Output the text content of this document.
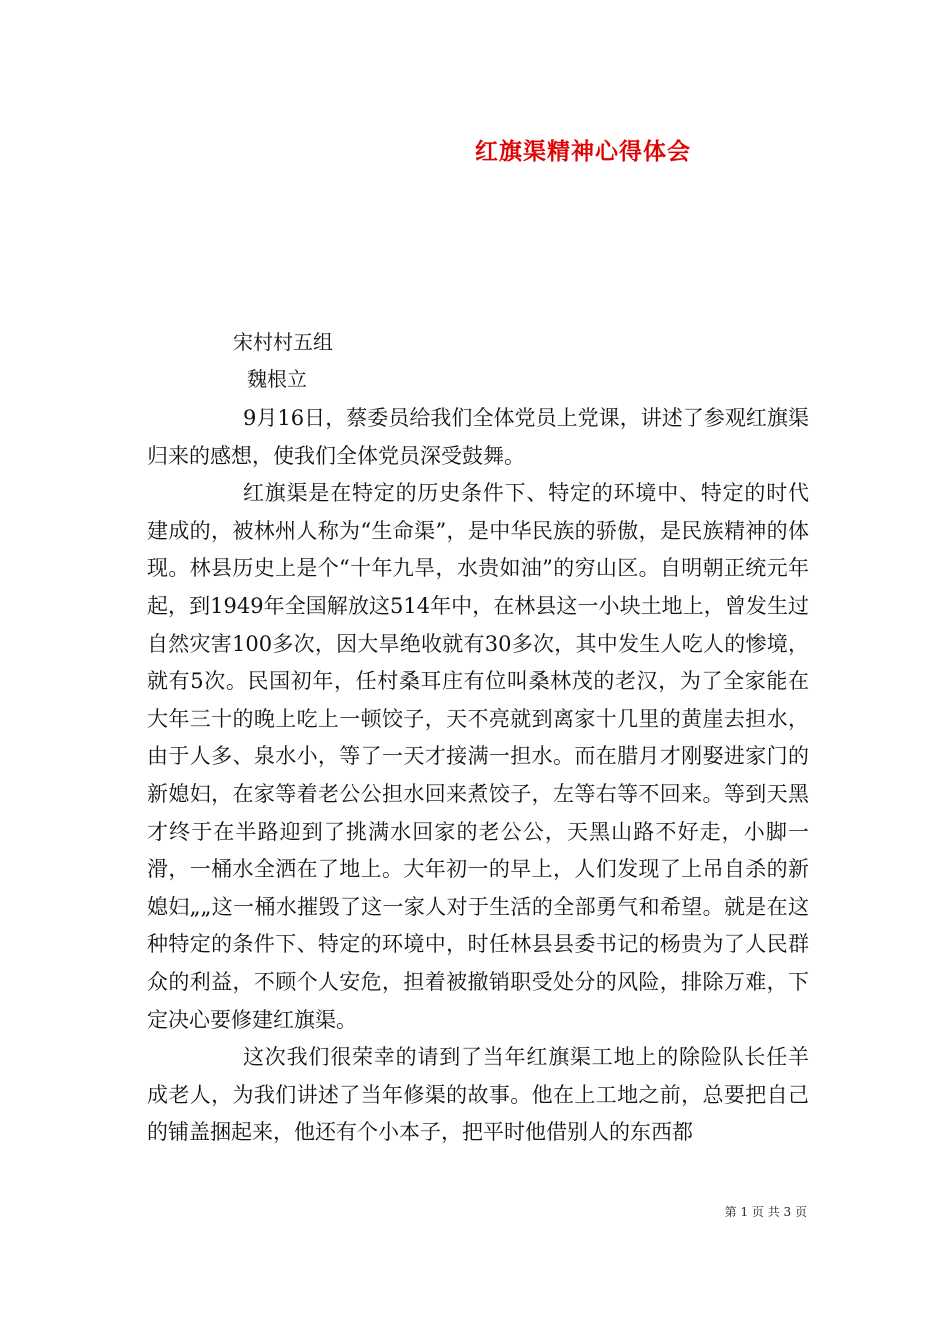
红旗渠精神心得体会
宋村村五组
魏根立

9月16日，蔡委员给我们全体党员上党课，讲述了参观红旗渠归来的感想，使我们全体党员深受鼓舞。

红旗渠是在特定的历史条件下、特定的环境中、特定的时代建成的，被林州人称为“生命渠”，是中华民族的骄傲，是民族精神的体现。林县历史上是个“十年九旱，水贵如油”的穷山区。自明朝正统元年起，到1949年全国解放这514年中，在林县这一小块土地上，曾发生过自然灾害100多次，因大旱绝收就有30多次，其中发生人吃人的惨境，就有5次。民国初年，任村桑耳庄有位叫桑林茂的老汉，为了全家能在大年三十的晚上吃上一顿饺子，天不亮就到离家十几里的黄崖去担水，由于人多、泉水小，等了一天才接满一担水。而在腊月才刚娶进家门的新媳妇，在家等着老公公担水回来煮饺子，左等右等不回来。等到天黑才终于在半路迎到了挑满水回家的老公公，天黑山路不好走，小脚一滑，一桶水全洒在了地上。大年初一的早上，人们发现了上吊自杀的新媳妇„„这一桶水摧毁了这一家人对于生活的全部勇气和希望。就是在这种特定的条件下、特定的环境中，时任林县县委书记的杨贵为了人民群众的利益，不顾个人安危，担着被撤销职受处分的风险，排除万难，下定决心要修建红旗渠。

这次我们很荣幸的请到了当年红旗渠工地上的除险队长任羊成老人，为我们讲述了当年修渠的故事。他在上工地之前，总要把自己的铺盖捆起来，他还有个小本子，把平时他借别人的东西都

第 1 页 共 3 页
